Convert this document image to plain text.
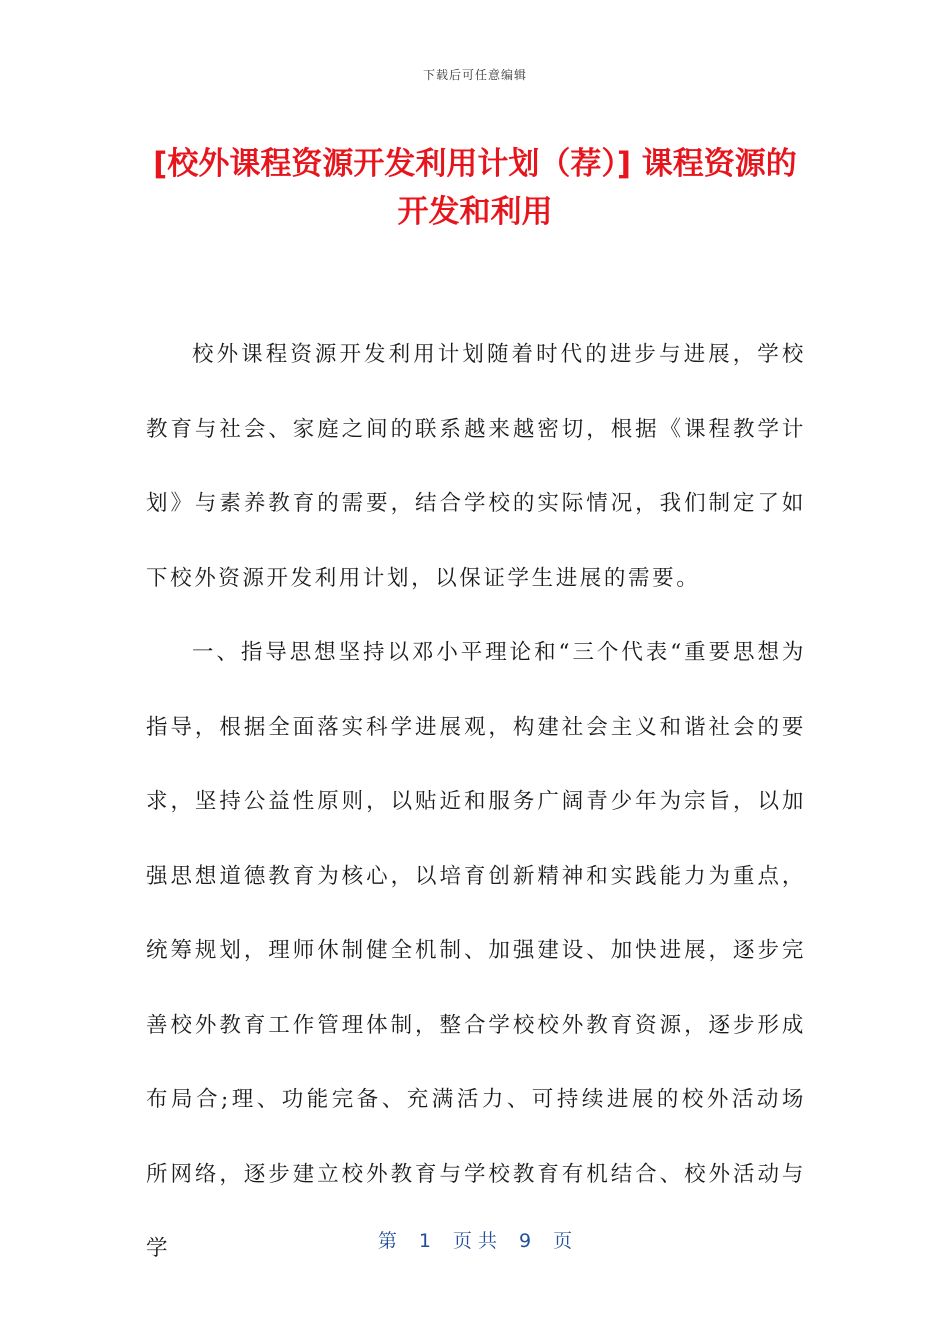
下载后可任意编辑
[校外课程资源开发利用计划（荐）] 课程资源的开发和利用

校外课程资源开发利用计划随着时代的进步与进展，学校教育与社会、家庭之间的联系越来越密切，根据《课程教学计划》与素养教育的需要，结合学校的实际情况，我们制定了如下校外资源开发利用计划，以保证学生进展的需要。

一、指导思想坚持以邓小平理论和“三个代表“重要思想为指导，根据全面落实科学进展观，构建社会主义和谐社会的要求，坚持公益性原则，以贴近和服务广阔青少年为宗旨，以加强思想道德教育为核心，以培育创新精神和实践能力为重点，统筹规划，理师休制健全机制、加强建设、加快进展，逐步完善校外教育工作管理体制，整合学校校外教育资源，逐步形成布局合;理、功能完备、充满活力、可持续进展的校外活动场所网络，逐步建立校外教育与学校教育有机结合、校外活动与学	第 1 页 共 9 页
